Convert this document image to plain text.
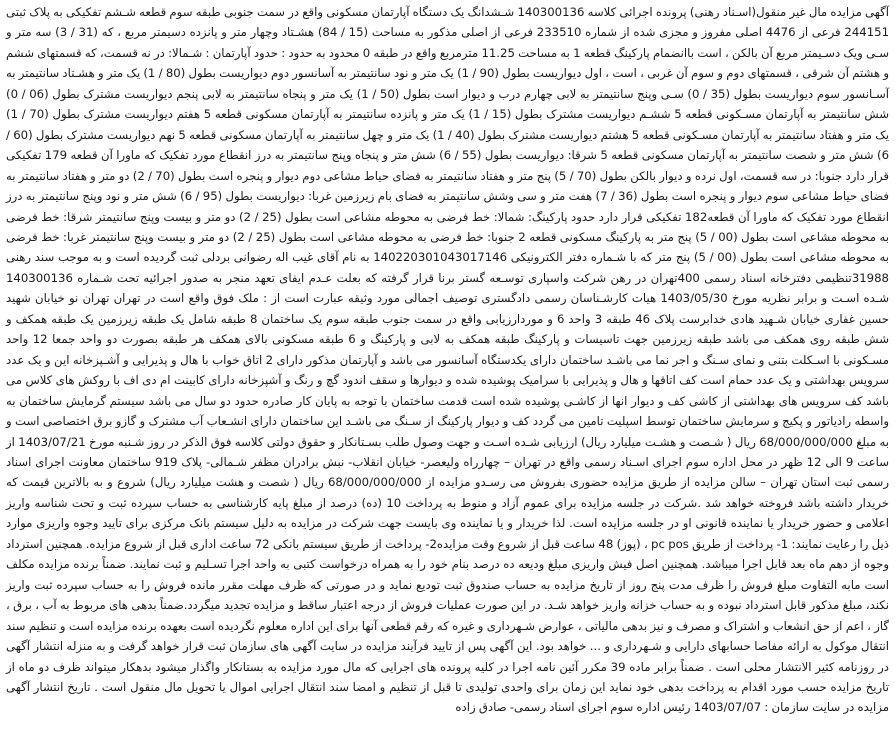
آگهی مزایده مال غیر منقول(اسـناد رهنی) پرونده اجرائی کلاسه 140300136 شـشدانگ یک دستگاه آپارتمان مسکونی واقع در سمت جنوبی طبقه سوم قطعه شـشم تفکیکی به پلاک ثبتی 244151 فرعی از 4476 اصلی مفروز و مجزی شده از شماره 233510 فرعی از اصلی مذکور به مساحت (15 / 84) هشـتاد وچهار متر و پانزده دسیمتر مربع ، که (31 / 3) سه متر و سـی ویک دسـیمتر مربع آن بالکن ، است باانضمام پارکینگ قطعه 1 به مساحت 11.25 مترمربع واقع در طبقه 0 محدود به حدود : حدود آپارتمان : شـمالا: در نه قسمت، که قسمتهای ششم و هشتم آن شرقی ، قسمتهای دوم و سوم آن غربی ، است ، اول دیواریست بطول (90 / 1) یک متر و نود سانتیمتر به آسانسور دوم دیواریست بطول (80 / 1) یک متر و هشـتاد سانتیمتر به آسـانسور سوم دیواریست بطول (35 / 0) سـی وپنج سانتیمتر به لابی چهارم درب و دیوار است بطول (50 / 1) یک متر و پنجاه سانتیمتر به لابی پنجم دیواریست مشترک بطول (06 / 0) شش سانتیمتر به آپارتمان مسـکونی قطعه 5 ششـم دیواریست مشترک بطول (15 / 1) یک متر و پانزده سانتیمتر به آپارتمان مسکونی قطعه 5 هفتم دیواریست مشترک بطول (70 / 1) یک متر و هفتاد سانتیمتر به آپارتمان مسـکونی قطعه 5 هشتم دیواریست مشترک بطول (40 / 1) یک متر و چهل سانتیمتر به آپارتمان مسکونی قطعه 5 نهم دیواریست مشترک بطول (60 / 6) شش متر و شصت سانتیمتر به آپارتمان مسکونی قطعه 5 شرقا: دیواریست بطول (55 / 6) شش متر و پنجاه وپنج سانتیمتر به درز انقطاع مورد تفکیک که ماورا آن قطعه 179 تفکیکی قرار دارد جنوبا: در سه قسمت، اول نرده و دیوار بالکن بطول (70 / 5) پنج متر و هفتاد سانتیمتر به فضای حیاط مشاعی دوم دیوار و پنجره است بطول (70 / 2) دو متر و هفتاد سانتیمتر به فضای حیاط مشاعی سوم دیوار و پنجره است بطول (36 / 7) هفت متر و سی وشش سانتیمتر به فضای بام زیرزمین غربا: دیواریست بطول (95 / 6) شش متر و نود وپنج سانتیمتر به درز انقطاع مورد تفکیک که ماورا آن قطعه182 تفکیکی قرار دارد حدود پارکینگ: شمالا: خط فرضی به محوطه مشاعی است بطول (25 / 2) دو متر و بیست وپنج سانتیمتر شرقا: خط فرضی به محوطه مشاعی است بطول (00 / 5) پنج متر به پارکینگ مسکونی قطعه 2 جنوبا: خط فرضی به محوطه مشاعی است بطول (25 / 2) دو متر و بیست وپنج سانتیمتر غربا: خط فرضی به محوطه مشاعی است بطول (00 / 5) پنج متر که با شـماره دفتر الکترونیکی 140220301043017146 به نام آقای غیب اله رضوانی بردلی ثبت گردیده است و به موجب سند رهنی 31988تنظیمی دفترخانه اسناد رسمی 400تهران در رهن شرکت واسپاری توسـعه گستر برنا قرار گرفته که بعلت عـدم ایفای تعهد منجر به صدور اجرائیه تحت شـماره 140300136 شـده اسـت و برابر نظریه مورخ 1403/05/30 هیات کارشـناسان رسمی دادگستری توصیف اجمالی مورد وثیقه عبارت است از : ملک فوق واقع است در تهران تهران نو خیابان شهید حسین غفاری خیابان شـهید هادی خدابرست پلاک 46 طبقه 3 واحد 6 و موردارزیابی واقع در سمت جنوب طبقه سوم یک ساختمان 8 طبقه شامل یک طبقه زیرزمین یک طبقه همکف و شش طبقه روی همکف می باشد طبقه زیرزمین جهت تاسیسات و پارکینگ طبقه همکف به لابی و پارکینگ و 6 طبقه مسکونی بالای همکف هر طبقه بصورت دو واحد جمعا 12 واحد مسـکونی با اسـکلت بتنی و نمای سـنگ و اجر نما می باشـد ساختمان دارای یکدستگاه آسانسور می باشد و آپارتمان مذکور دارای 2 اتاق خواب با هال و پذیرایی و آشـپزخانه این و یک عدد سرویس بهداشتی و یک عدد حمام است کف اتاقها و هال و پذیرایی با سرامیک پوشیده شده و دیوارها و سقف اندود گچ و رنگ و آشپزخانه دارای کابینت ام دی اف با روکش های کلاس می باشد کف سرویس های بهداشتی از کاشی کف و دیوار انها از کاشـی پوشیده شده است قدمت ساختمان با توجه به پایان کار صادره حدود دو سال می باشد سیستم گرمایش ساختمان به واسطه رادیاتور و پکیج و سرمایش ساختمان توسط اسپلیت تامین می گردد کف و دیوار پارکینگ از سـنگ می باشـد این ساختمان دارای انشـعاب آب مشترک و گازو برق اختصاصی است و به مبلغ 68/000/000/000 ریال ( شـصت و هشـت میلیارد ریال) ارزیابی شـده اسـت و جهت وصول طلب بسـتانکار و حقوق دولتی کلاسه فوق الذکر در روز شـنبه مورخ 1403/07/21 از ساعت 9 الی 12 ظهر در محل اداره سوم اجرای اسـناد رسمی واقع در تهران – چهارراه ولیعصر- خیابان انقلاب- نبش برادران مظفر شـمالی- پلاک 919 ساختمان معاونت اجرای اسناد رسمی ثبت استان تهران – سالن مزایده از طریق مزایده حضوری بفروش می رسـدو مزایده از 68/000/000/000 ریال ( شصت و هشت میلیارد ریال) شروع و به بالاترین قیمت که خریدار داشته باشد فروخته خواهد شد .شرکت در جلسه مزایده برای عموم آزاد و منوط به پرداخت 10 (ده) درصد از مبلغ پایه کارشناسی به حساب سپرده ثبت و تحت شناسه واریز اعلامی و حضور خریدار یا نماینده قانونی او در جلسه مزایده است. لذا خریدار و یا نماینده وی بایست جهت شرکت در مزایده به دلیل سیستم بانک مرکزی برای تایید وجوه واریزی موارد ذیل را رعایت نمایند: 1- پرداخت از طریق pc pos ، (پوز) 48 ساعت قبل از شروع وقت مزایده2- پرداخت از طریق سیستم بانکی 72 ساعت اداری قبل از شروع مزایده. همچنین استرداد وجوه از دهم ماه بعد قابل اجرا میباشد. همچنین اصل فیش واریزی مبلغ ودیعه ده درصد بنام خود را به همراه درخواست کتبی به واحد اجرا تسـلیم و ثبت نمایند. ضمناً برنده مزایده مکلف است مابه التفاوت مبلغ فروش را ظرف مدت پنج روز از تاریخ مزایده به حساب صندوق ثبت تودیع نماید و در صورتی که ظرف مهلت مقرر مانده فروش را به حساب سپرده ثبت واریز نکند، مبلغ مذکور قابل استرداد نبوده و به حساب خزانه واریز خواهد شـد. در این صورت عملیات فروش از درجه اعتبار ساقط و مزایده تجدید میگردد.ضمناً بدهی های مربوط به آب ، برق ، گاز ، اعم از حق انشعاب و اشتراک و مصرف و نیز بدهی مالیاتی ، عوارض شـهرداری و غیره که رقم قطعی آنها برای این اداره معلوم نگردیده است بعهده برنده مزایده است و تنظیم سند انتقال موکول به ارائه مفاصا حسابهای دارایی و شـهرداری و ... خواهد بود. این آگهی پس از تایید فرآیند مزایده در سایت آگهی های سازمان ثبت قرار خواهد گرفت و به منزله انتشار آگهی در روزنامه کثیر الانتشار محلی است . ضمناً برابر ماده 39 مکرر آئین نامه اجرا در کلیه پرونده های اجرایی که مال مورد مزایده به بستانکار واگذار میشود بدهکار میتواند ظرف دو ماه از تاریخ مزایده حسب مورد اقدام به پرداخت بدهی خود نماید این زمان برای واحدی تولیدی تا قبل از تنظیم و امضا سند انتقال اجرایی اموال یا تحویل مال منقول است . تاریخ انتشار آگهی مزایده در سایت سازمان : 1403/07/07 رئیس اداره سوم اجرای اسناد رسمی- صادق زاده
